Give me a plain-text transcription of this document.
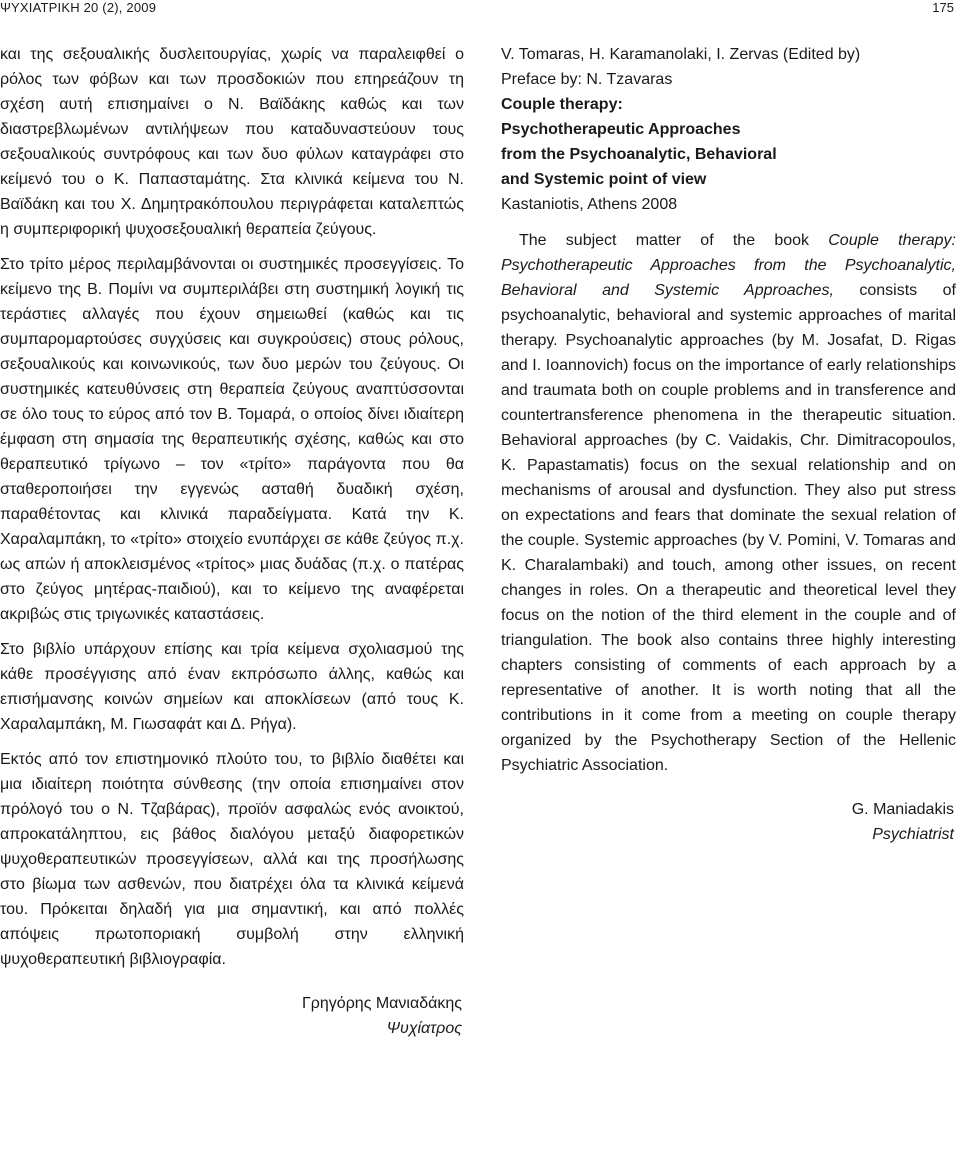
ΨΥΧΙΑΤΡΙΚΗ 20 (2), 2009	175

και της σεξουαλικής δυσλειτουργίας, χωρίς να παραλειφθεί ο ρόλος των φόβων και των προσδοκιών που επηρεάζουν τη σχέση αυτή επισημαίνει ο Ν. Βαϊδάκης καθώς και των διαστρεβλωμένων αντιλήψεων που καταδυναστεύουν τους σεξουαλικούς συντρόφους και των δυο φύλων καταγράφει στο κείμενό του ο Κ. Παπασταμάτης. Στα κλινικά κείμενα του Ν. Βαϊδάκη και του Χ. Δημητρακόπουλου περιγράφεται καταλεπτώς η συμπεριφορική ψυχοσεξουαλική θεραπεία ζεύγους.

Στο τρίτο μέρος περιλαμβάνονται οι συστημικές προσεγγίσεις. Το κείμενο της Β. Πομίνι να συμπεριλάβει στη συστημική λογική τις τεράστιες αλλαγές που έχουν σημειωθεί (καθώς και τις συμπαρομαρτούσες συγχύσεις και συγκρούσεις) στους ρόλους, σεξουαλικούς και κοινωνικούς, των δυο μερών του ζεύγους. Οι συστημικές κατευθύνσεις στη θεραπεία ζεύγους αναπτύσσονται σε όλο τους το εύρος από τον Β. Τομαρά, ο οποίος δίνει ιδιαίτερη έμφαση στη σημασία της θεραπευτικής σχέσης, καθώς και στο θεραπευτικό τρίγωνο – τον «τρίτο» παράγοντα που θα σταθεροποιήσει την εγγενώς ασταθή δυαδική σχέση, παραθέτοντας και κλινικά παραδείγματα. Κατά την Κ. Χαραλαμπάκη, το «τρίτο» στοιχείο ενυπάρχει σε κάθε ζεύγος π.χ. ως απών ή αποκλεισμένος «τρίτος» μιας δυάδας (π.χ. ο πατέρας στο ζεύγος μητέρας-παιδιού), και το κείμενο της αναφέρεται ακριβώς στις τριγωνικές καταστάσεις.

Στο βιβλίο υπάρχουν επίσης και τρία κείμενα σχολιασμού της κάθε προσέγγισης από έναν εκπρόσωπο άλλης, καθώς και επισήμανσης κοινών σημείων και αποκλίσεων (από τους Κ. Χαραλαμπάκη, Μ. Γιωσαφάτ και Δ. Ρήγα).

Εκτός από τον επιστημονικό πλούτο του, το βιβλίο διαθέτει και μια ιδιαίτερη ποιότητα σύνθεσης (την οποία επισημαίνει στον πρόλογό του ο Ν. Τζαβάρας), προϊόν ασφαλώς ενός ανοικτού, απροκατάληπτου, εις βάθος διαλόγου μεταξύ διαφορετικών ψυχοθεραπευτικών προσεγγίσεων, αλλά και της προσήλωσης στο βίωμα των ασθενών, που διατρέχει όλα τα κλινικά κείμενά του. Πρόκειται δηλαδή για μια σημαντική, και από πολλές απόψεις πρωτοποριακή συμβολή στην ελληνική ψυχοθεραπευτική βιβλιογραφία.

Γρηγόρης Μανιαδάκης
Ψυχίατρος
V. Tomaras, H. Karamanolaki, I. Zervas (Edited by)
Preface by: N. Tzavaras
Couple therapy:
Psychotherapeutic Approaches
from the Psychoanalytic, Behavioral
and Systemic point of view
Kastaniotis, Athens 2008

The subject matter of the book Couple therapy: Psychotherapeutic Approaches from the Psychoanalytic, Behavioral and Systemic Approaches, consists of psychoanalytic, behavioral and systemic approaches of marital therapy. Psychoanalytic approaches (by M. Josafat, D. Rigas and I. Ioannovich) focus on the importance of early relationships and traumata both on couple problems and in transference and countertransference phenomena in the therapeutic situation. Behavioral approaches (by C. Vaidakis, Chr. Dimitracopoulos, K. Papastamatis) focus on the sexual relationship and on mechanisms of arousal and dysfunction. They also put stress on expectations and fears that dominate the sexual relation of the couple. Systemic approaches (by V. Pomini, V. Tomaras and K. Charalambaki) and touch, among other issues, on recent changes in roles. On a therapeutic and theoretical level they focus on the notion of the third element in the couple and of triangulation. The book also contains three highly interesting chapters consisting of comments of each approach by a representative of another. It is worth noting that all the contributions in it come from a meeting on couple therapy organized by the Psychotherapy Section of the Hellenic Psychiatric Association.

G. Maniadakis
Psychiatrist
